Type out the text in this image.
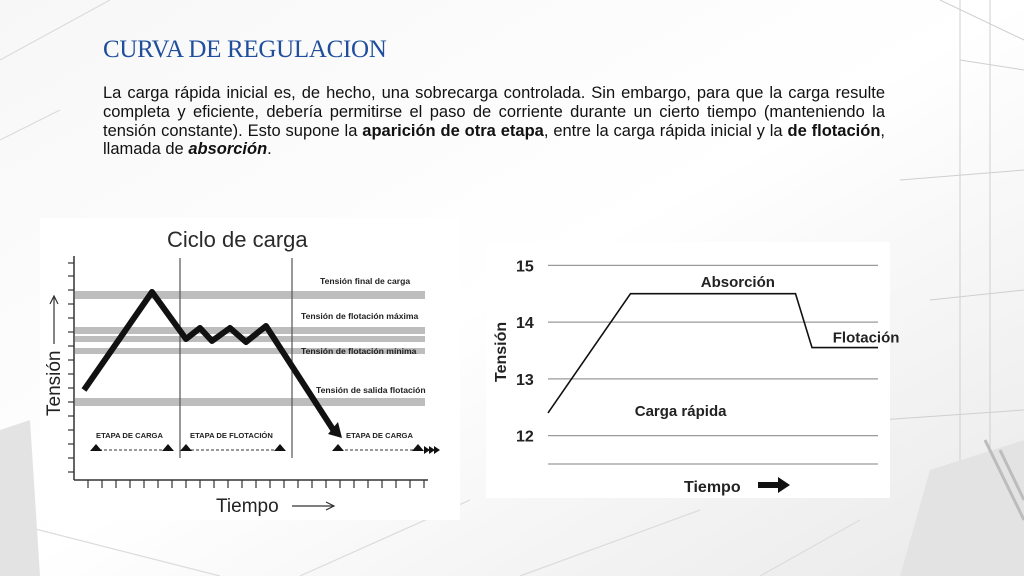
CURVA DE REGULACION
La carga rápida inicial es, de hecho, una sobrecarga controlada. Sin embargo, para que la carga resulte completa y eficiente, debería permitirse el paso de corriente durante un cierto tiempo (manteniendo la tensión constante). Esto supone la aparición de otra etapa, entre la carga rápida inicial y la de flotación, llamada de absorción.
Ciclo de carga
Tensión final de carga
Tensión de flotación máxima
Tensión de flotación mínima
Tensión de salida flotación
ETAPA DE CARGA	ETAPA DE FLOTACIÓN	ETAPA DE CARGA
Tensión
Tiempo
12
13
14
15
Absorción
Flotación
Carga rápida
Tensión
Tiempo
